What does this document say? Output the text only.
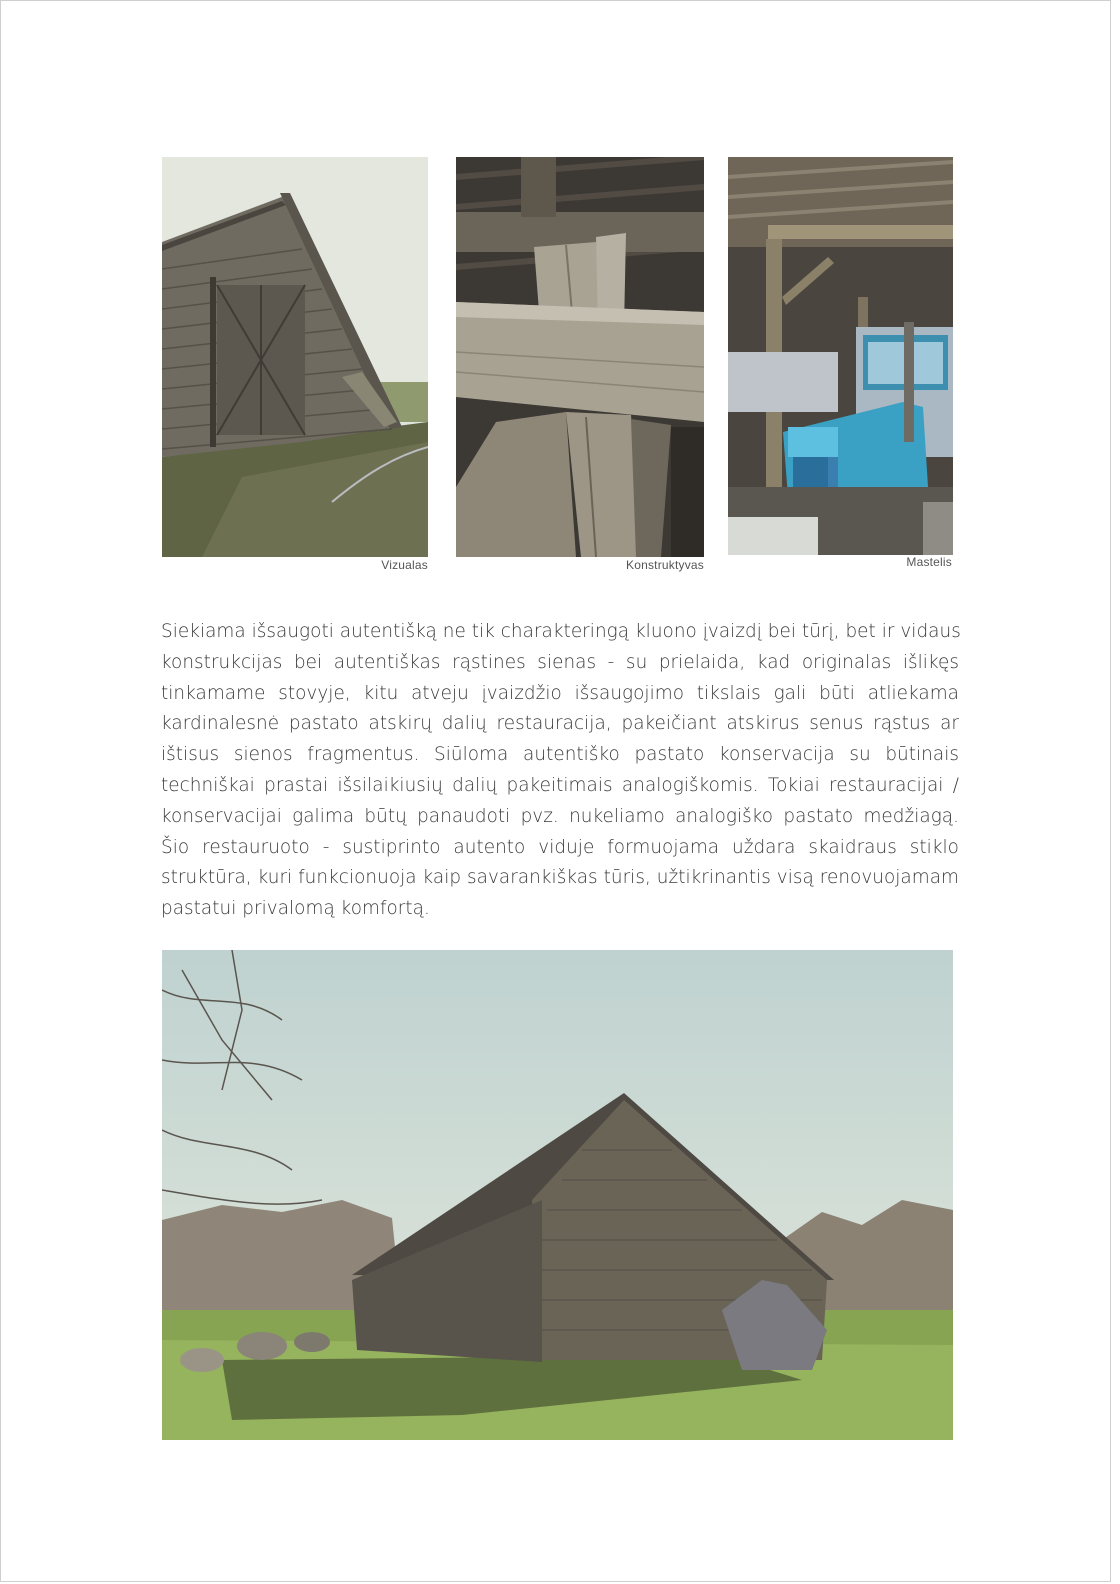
Vizualas	Konstruktyvas	Mastelis
Siekiama išsaugoti autentišką ne tik charakteringą kluono įvaizdį bei tūrį, bet ir vidaus
konstrukcijas bei autentiškas rąstines sienas - su prielaida, kad originalas išlikęs
tinkamame stovyje, kitu atveju įvaizdžio išsaugojimo tikslais gali būti atliekama
kardinalesnė pastato atskirų dalių restauracija, pakeičiant atskirus senus rąstus ar
ištisus sienos fragmentus. Siūloma autentiško pastato konservacija su būtinais
techniškai prastai išsilaikiusių dalių pakeitimais analogiškomis. Tokiai restauracijai /
konservacijai galima būtų panaudoti pvz. nukeliamo analogiško pastato medžiagą.
Šio restauruoto - sustiprinto autento viduje formuojama uždara skaidraus stiklo
struktūra, kuri funkcionuoja kaip savarankiškas tūris, užtikrinantis visą renovuojamam
pastatui privalomą komfortą.
